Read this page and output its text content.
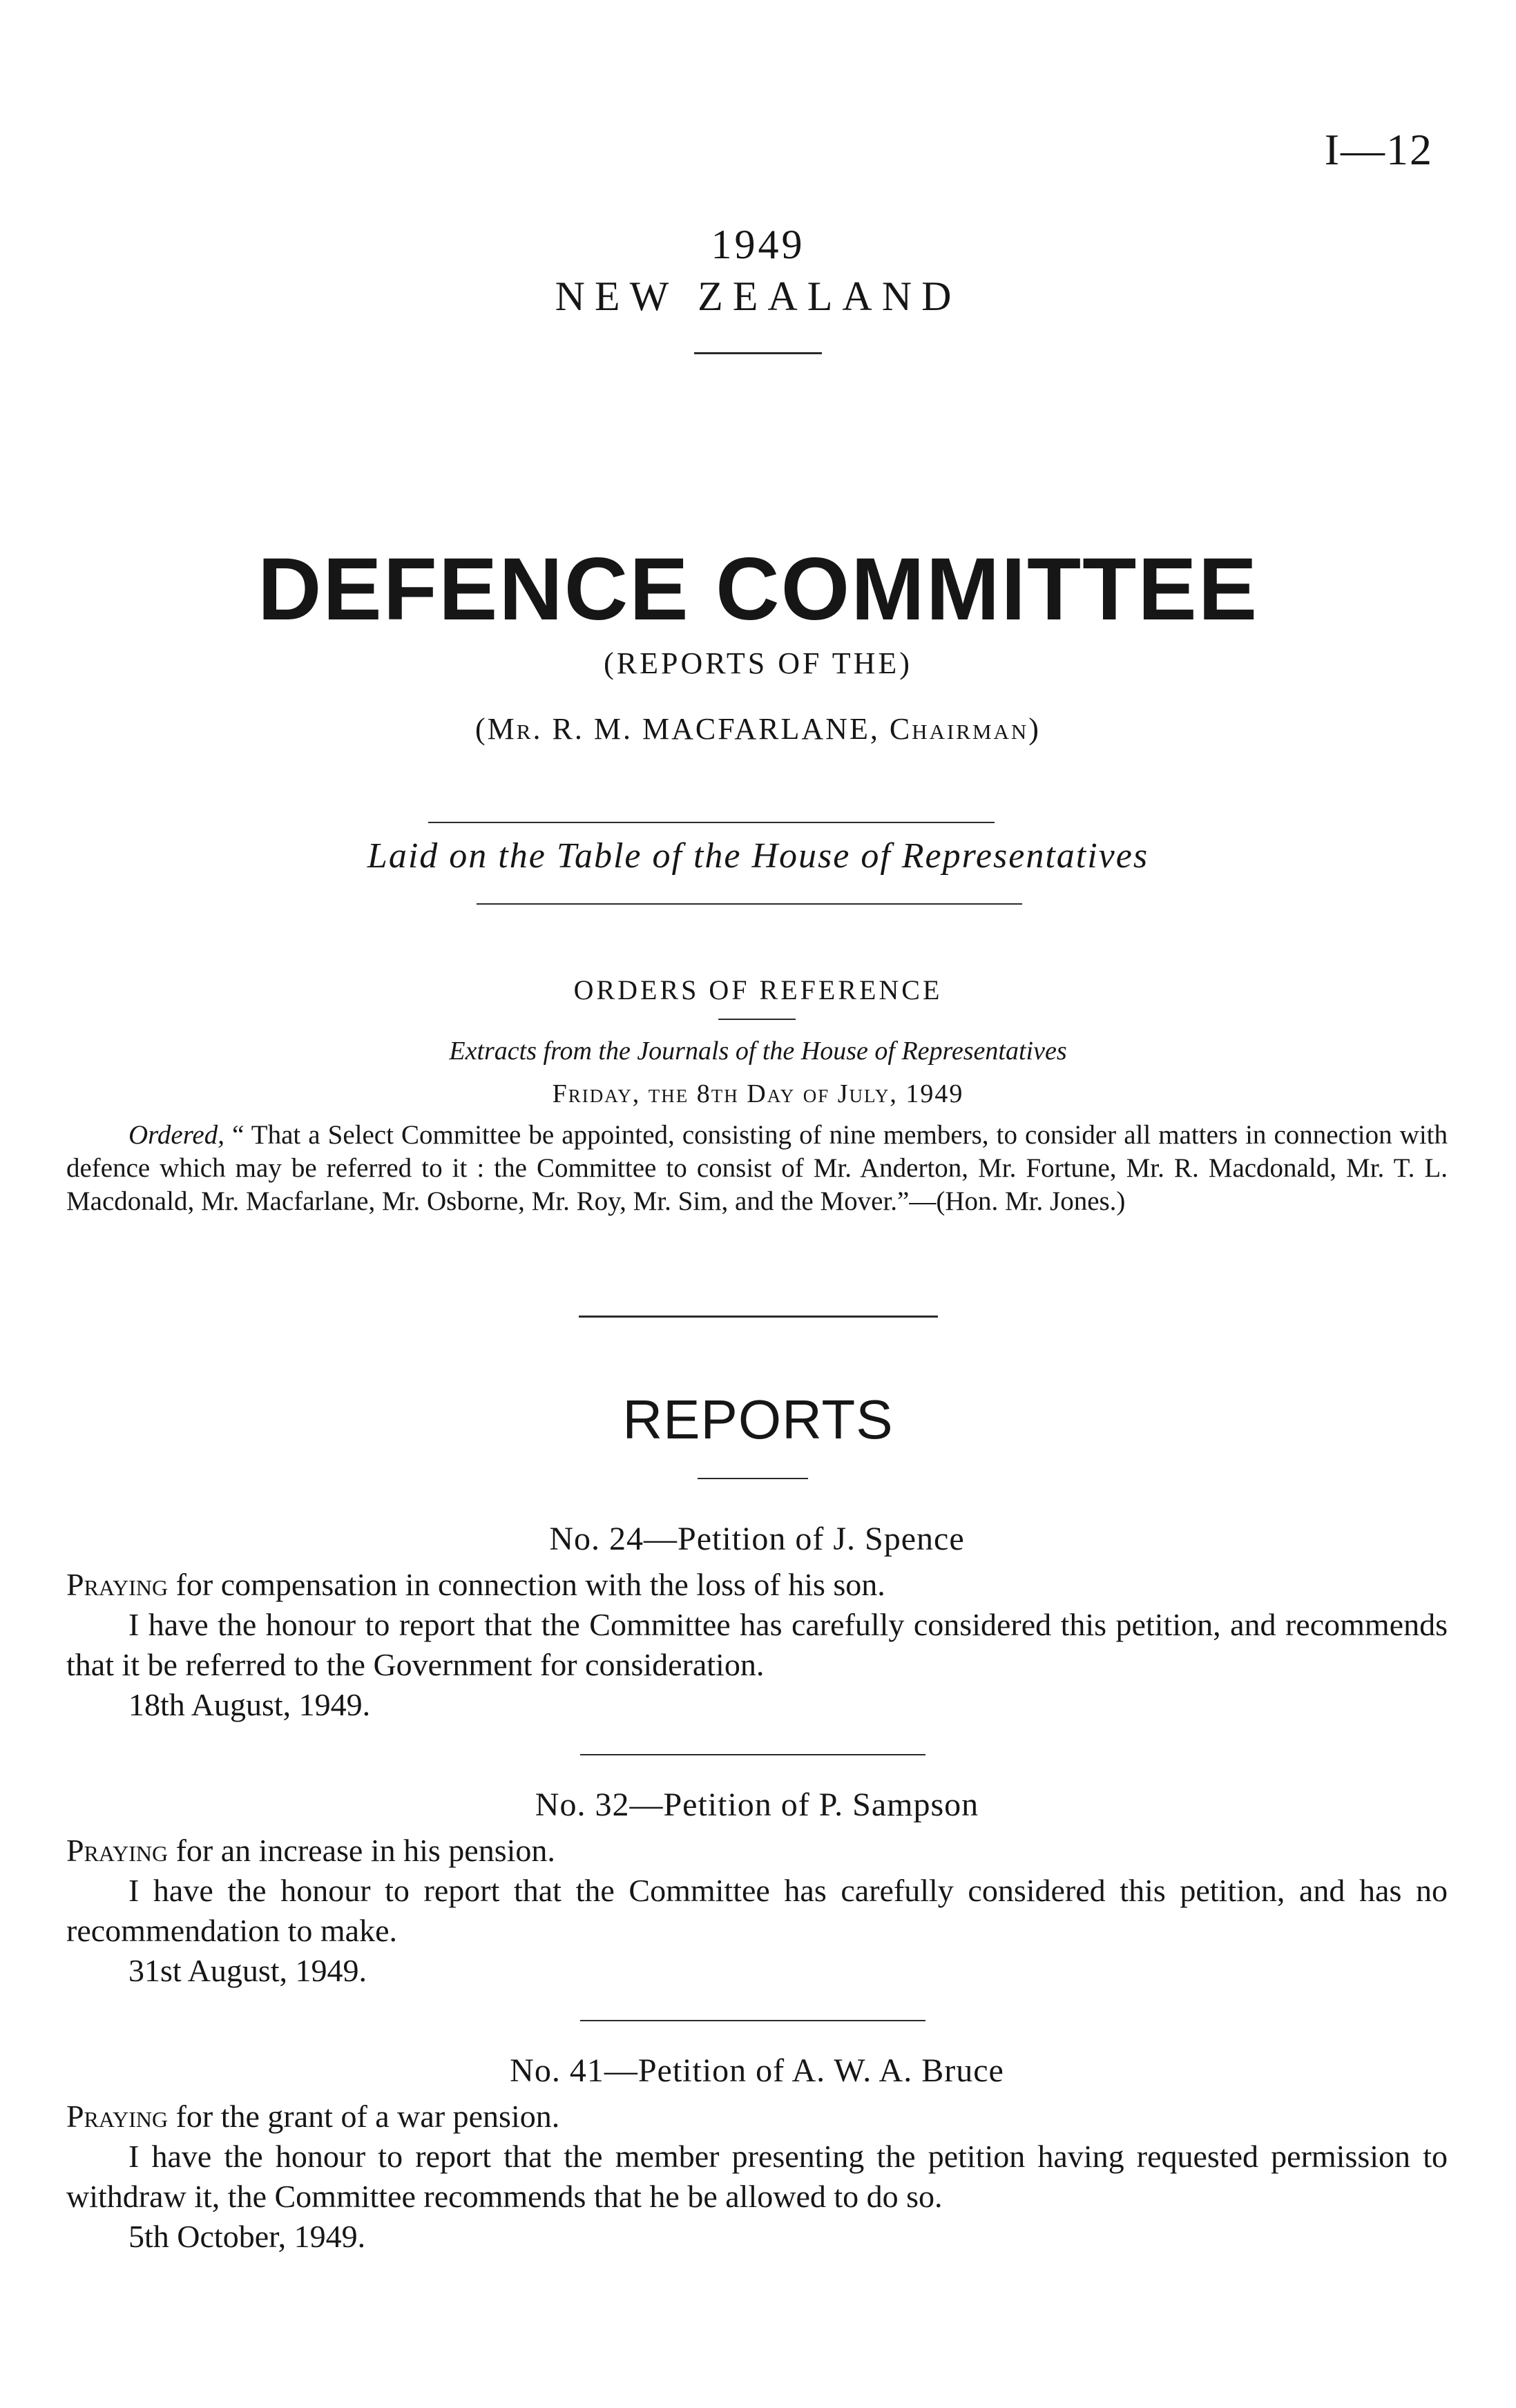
I—12
1949
NEW ZEALAND
DEFENCE COMMITTEE
(REPORTS OF THE)
(Mr. R. M. MACFARLANE, Chairman)
Laid on the Table of the House of Representatives
ORDERS OF REFERENCE
Extracts from the Journals of the House of Representatives
Friday, the 8th Day of July, 1949
Ordered, “ That a Select Committee be appointed, consisting of nine members, to consider all matters in connection with defence which may be referred to it : the Committee to consist of Mr. Anderton, Mr. Fortune, Mr. R. Macdonald, Mr. T. L. Macdonald, Mr. Macfarlane, Mr. Osborne, Mr. Roy, Mr. Sim, and the Mover.”—(Hon. Mr. Jones.)
REPORTS
No. 24—Petition of J. Spence
Praying for compensation in connection with the loss of his son.
I have the honour to report that the Committee has carefully considered this petition, and recommends that it be referred to the Government for consideration.
18th August, 1949.
No. 32—Petition of P. Sampson
Praying for an increase in his pension.
I have the honour to report that the Committee has carefully considered this petition, and has no recommendation to make.
31st August, 1949.
No. 41—Petition of A. W. A. Bruce
Praying for the grant of a war pension.
I have the honour to report that the member presenting the petition having requested permission to withdraw it, the Committee recommends that he be allowed to do so.
5th October, 1949.
